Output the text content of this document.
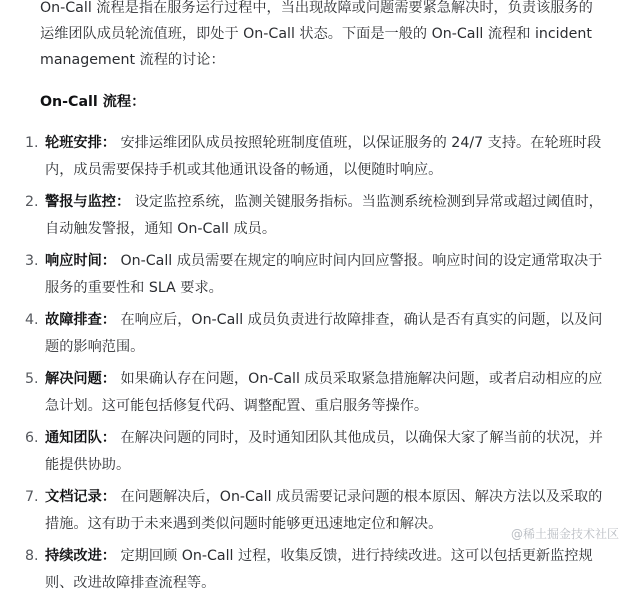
On-Call 流程是指在服务运行过程中，当出现故障或问题需要紧急解决时，负责该服务的运维团队成员轮流值班，即处于 On-Call 状态。下面是一般的 On-Call 流程和 incident management 流程的讨论：

On-Call 流程：
1. 轮班安排： 安排运维团队成员按照轮班制度值班，以保证服务的 24/7 支持。在轮班时段内，成员需要保持手机或其他通讯设备的畅通，以便随时响应。
2. 警报与监控： 设定监控系统，监测关键服务指标。当监测系统检测到异常或超过阈值时，自动触发警报，通知 On-Call 成员。
3. 响应时间： On-Call 成员需要在规定的响应时间内回应警报。响应时间的设定通常取决于服务的重要性和 SLA 要求。
4. 故障排查： 在响应后，On-Call 成员负责进行故障排查，确认是否有真实的问题，以及问题的影响范围。
5. 解决问题： 如果确认存在问题，On-Call 成员采取紧急措施解决问题，或者启动相应的应急计划。这可能包括修复代码、调整配置、重启服务等操作。
6. 通知团队： 在解决问题的同时，及时通知团队其他成员，以确保大家了解当前的状况，并能提供协助。
7. 文档记录： 在问题解决后，On-Call 成员需要记录问题的根本原因、解决方法以及采取的措施。这有助于未来遇到类似问题时能够更迅速地定位和解决。
8. 持续改进： 定期回顾 On-Call 过程，收集反馈，进行持续改进。这可以包括更新监控规则、改进故障排查流程等。
@稀土掘金技术社区
